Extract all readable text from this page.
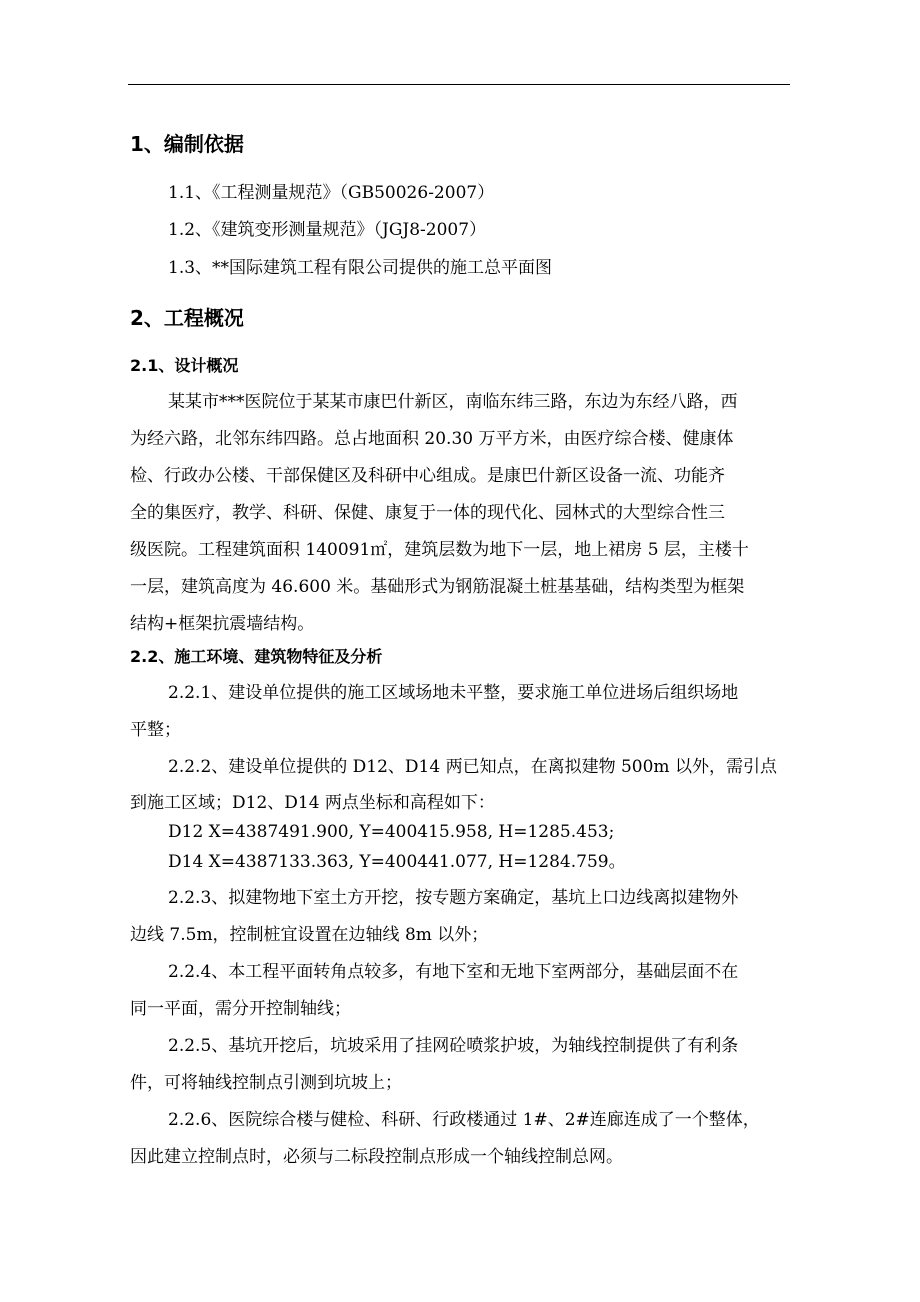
1、编制依据
1.1、《工程测量规范》（GB50026-2007）
1.2、《建筑变形测量规范》（JGJ8-2007）
1.3、**国际建筑工程有限公司提供的施工总平面图
2、工程概况
2.1、设计概况
某某市***医院位于某某市康巴什新区，南临东纬三路，东边为东经八路，西
为经六路，北邻东纬四路。总占地面积 20.30 万平方米，由医疗综合楼、健康体
检、行政办公楼、干部保健区及科研中心组成。是康巴什新区设备一流、功能齐
全的集医疗，教学、科研、保健、康复于一体的现代化、园林式的大型综合性三
级医院。工程建筑面积 140091㎡，建筑层数为地下一层，地上裙房 5 层，主楼十
一层，建筑高度为 46.600 米。基础形式为钢筋混凝土桩基基础，结构类型为框架
结构+框架抗震墙结构。
2.2、施工环境、建筑物特征及分析
2.2.1、建设单位提供的施工区域场地未平整，要求施工单位进场后组织场地
平整；
2.2.2、建设单位提供的 D12、D14 两已知点，在离拟建物 500m 以外，需引点
到施工区域；D12、D14 两点坐标和高程如下：
D12 X=4387491.900, Y=400415.958, H=1285.453;
D14 X=4387133.363, Y=400441.077, H=1284.759。
2.2.3、拟建物地下室土方开挖，按专题方案确定，基坑上口边线离拟建物外
边线 7.5m，控制桩宜设置在边轴线 8m 以外；
2.2.4、本工程平面转角点较多，有地下室和无地下室两部分，基础层面不在
同一平面，需分开控制轴线；
2.2.5、基坑开挖后，坑坡采用了挂网砼喷浆护坡，为轴线控制提供了有利条
件，可将轴线控制点引测到坑坡上；
2.2.6、医院综合楼与健检、科研、行政楼通过 1#、2#连廊连成了一个整体，
因此建立控制点时，必须与二标段控制点形成一个轴线控制总网。
